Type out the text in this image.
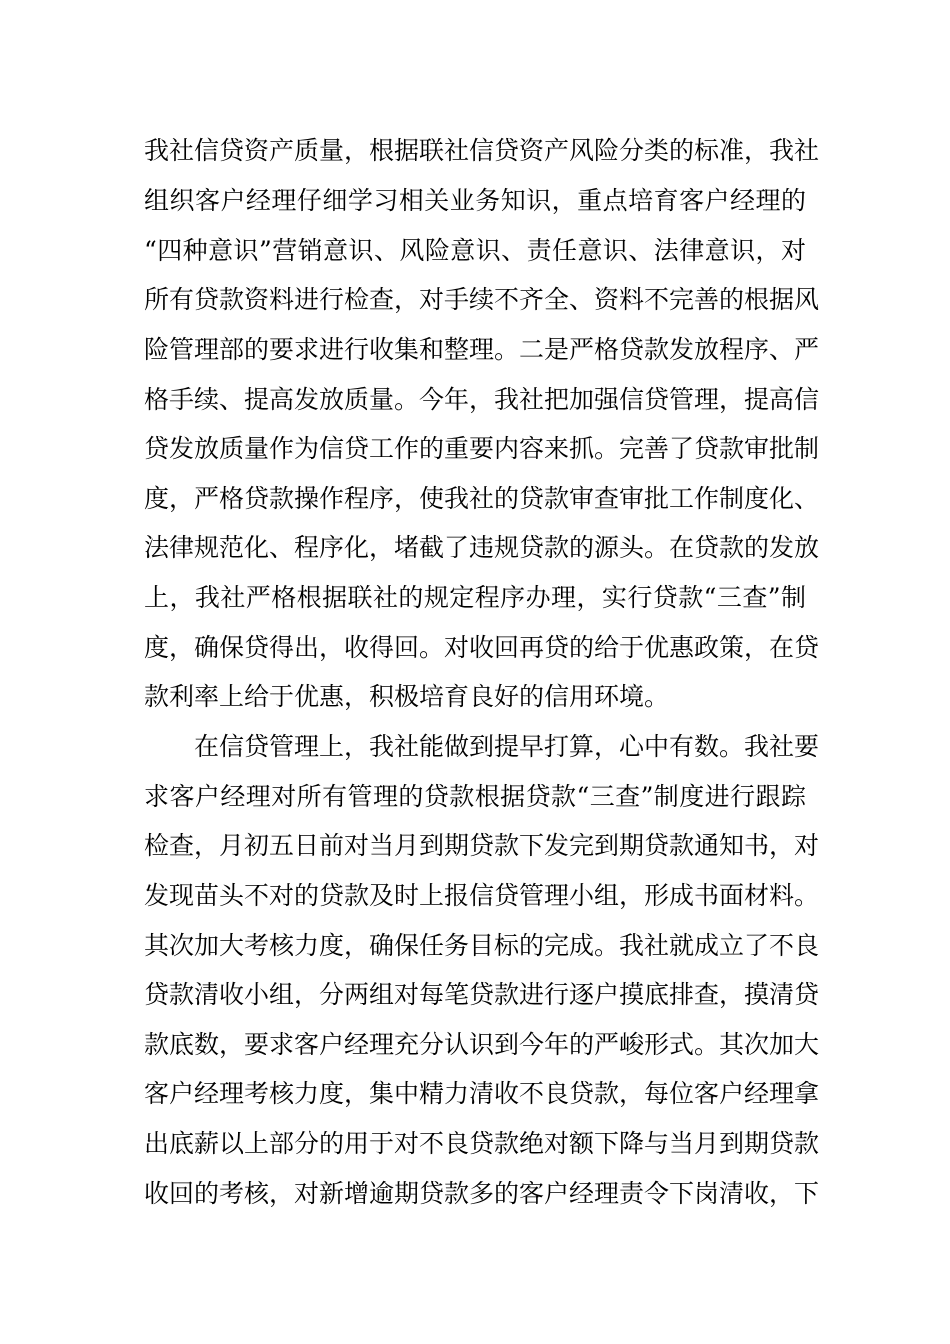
我社信贷资产质量，根据联社信贷资产风险分类的标准，我社
组织客户经理仔细学习相关业务知识，重点培育客户经理的
“四种意识”营销意识、风险意识、责任意识、法律意识，对
所有贷款资料进行检查，对手续不齐全、资料不完善的根据风
险管理部的要求进行收集和整理。二是严格贷款发放程序、严
格手续、提高发放质量。今年，我社把加强信贷管理，提高信
贷发放质量作为信贷工作的重要内容来抓。完善了贷款审批制
度，严格贷款操作程序，使我社的贷款审查审批工作制度化、
法律规范化、程序化，堵截了违规贷款的源头。在贷款的发放
上，我社严格根据联社的规定程序办理，实行贷款“三查”制
度，确保贷得出，收得回。对收回再贷的给于优惠政策，在贷
款利率上给于优惠，积极培育良好的信用环境。
在信贷管理上，我社能做到提早打算，心中有数。我社要
求客户经理对所有管理的贷款根据贷款“三查”制度进行跟踪
检查，月初五日前对当月到期贷款下发完到期贷款通知书，对
发现苗头不对的贷款及时上报信贷管理小组，形成书面材料。
其次加大考核力度，确保任务目标的完成。我社就成立了不良
贷款清收小组，分两组对每笔贷款进行逐户摸底排查，摸清贷
款底数，要求客户经理充分认识到今年的严峻形式。其次加大
客户经理考核力度，集中精力清收不良贷款，每位客户经理拿
出底薪以上部分的用于对不良贷款绝对额下降与当月到期贷款
收回的考核，对新增逾期贷款多的客户经理责令下岗清收，下
